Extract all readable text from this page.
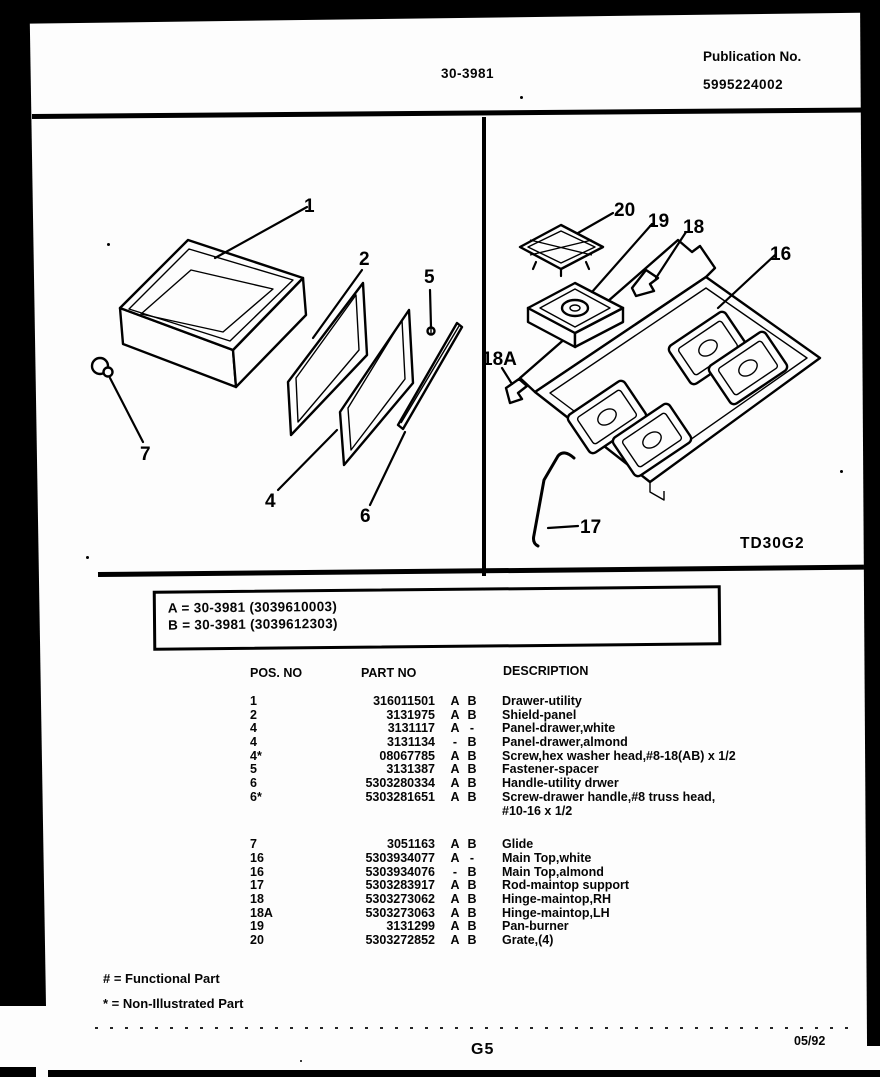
30-3981
Publication No.
5995224002
1
2
4
5
6
7
20
19 18
16
18A
17
TD30G2
A = 30-3981 (3039610003)
B = 30-3981 (3039612303)
POS. NO	PART NO	DESCRIPTION
1	316011501 A B Drawer-utility
2	3131975 A B Shield-panel
4	3131117 A -	Panel-drawer,white
4	3131134	- B Panel-drawer,almond
4*	08067785 A B Screw,hex washer head,#8-18(AB) x 1/2
5	3131387 A B Fastener-spacer
6	5303280334 A B Handle-utility drwer
6*	5303281651 A B Screw-drawer handle,#8 truss head,
#10-16 x 1/2
7	3051163 A B Glide
16	5303934077 A -	Main Top,white
16	5303934076	- B Main Top,almond
17	5303283917 A B Rod-maintop support
18	5303273062 A B Hinge-maintop,RH
18A	5303273063 A B Hinge-maintop,LH
19	3131299 A B Pan-burner
20	5303272852 A B Grate,(4)
# = Functional Part
* = Non-Illustrated Part
G5	05/92
